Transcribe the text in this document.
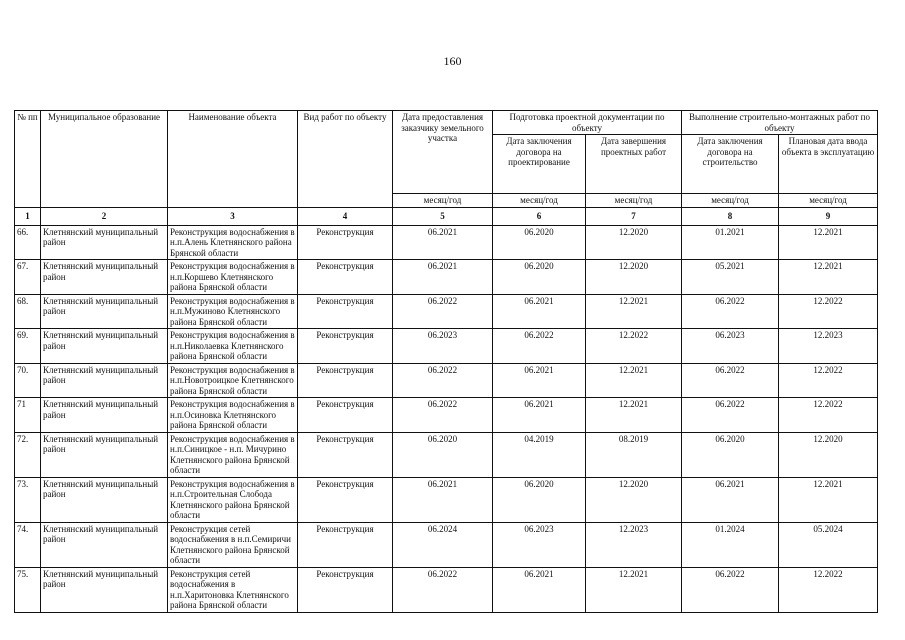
160
№ пп	Муниципальное образование	Наименование объекта	Вид работ по объекту	Дата предоставления заказчику земельного участка	Подготовка проектной документации по объекту		Выполнение строительно-монтажных работ по объекту	
					Дата заключения договора на проектирование	Дата завершения проектных работ	Дата заключения договора на строительство	Плановая дата ввода объекта в эксплуатацию
				месяц/год	месяц/год	месяц/год	месяц/год	месяц/год
1	2	3	4	5	6	7	8	9
66.	Клетнянский муниципальный район	Реконструкция водоснабжения в н.п.Алень Клетнянского района Брянской области	Реконструкция	06.2021	06.2020	12.2020	01.2021	12.2021
67.	Клетнянский муниципальный район	Реконструкция водоснабжения в н.п.Коршево Клетнянского района Брянской области	Реконструкция	06.2021	06.2020	12.2020	05.2021	12.2021
68.	Клетнянский муниципальный район	Реконструкция водоснабжения в н.п.Мужиново Клетнянского района Брянской области	Реконструкция	06.2022	06.2021	12.2021	06.2022	12.2022
69.	Клетнянский муниципальный район	Реконструкция водоснабжения в н.п.Николаевка Клетнянского района Брянской области	Реконструкция	06.2023	06.2022	12.2022	06.2023	12.2023
70.	Клетнянский муниципальный район	Реконструкция водоснабжения в н.п.Новотроицкое Клетнянского района Брянской области	Реконструкция	06.2022	06.2021	12.2021	06.2022	12.2022
71	Клетнянский муниципальный район	Реконструкция водоснабжения в н.п.Осиновка Клетнянского района Брянской области	Реконструкция	06.2022	06.2021	12.2021	06.2022	12.2022
72.	Клетнянский муниципальный район	Реконструкция водоснабжения в н.п.Синицкое - н.п. Мичурино Клетнянского района Брянской области	Реконструкция	06.2020	04.2019	08.2019	06.2020	12.2020
73.	Клетнянский муниципальный район	Реконструкция водоснабжения в н.п.Строительная Слобода Клетнянского района Брянской области	Реконструкция	06.2021	06.2020	12.2020	06.2021	12.2021
74.	Клетнянский муниципальный район	Реконструкция сетей водоснабжения в н.п.Семиричи Клетнянского района Брянской области	Реконструкция	06.2024	06.2023	12.2023	01.2024	05.2024
75.	Клетнянский муниципальный район	Реконструкция сетей водоснабжения в н.п.Харитоновка Клетнянского района Брянской области	Реконструкция	06.2022	06.2021	12.2021	06.2022	12.2022
